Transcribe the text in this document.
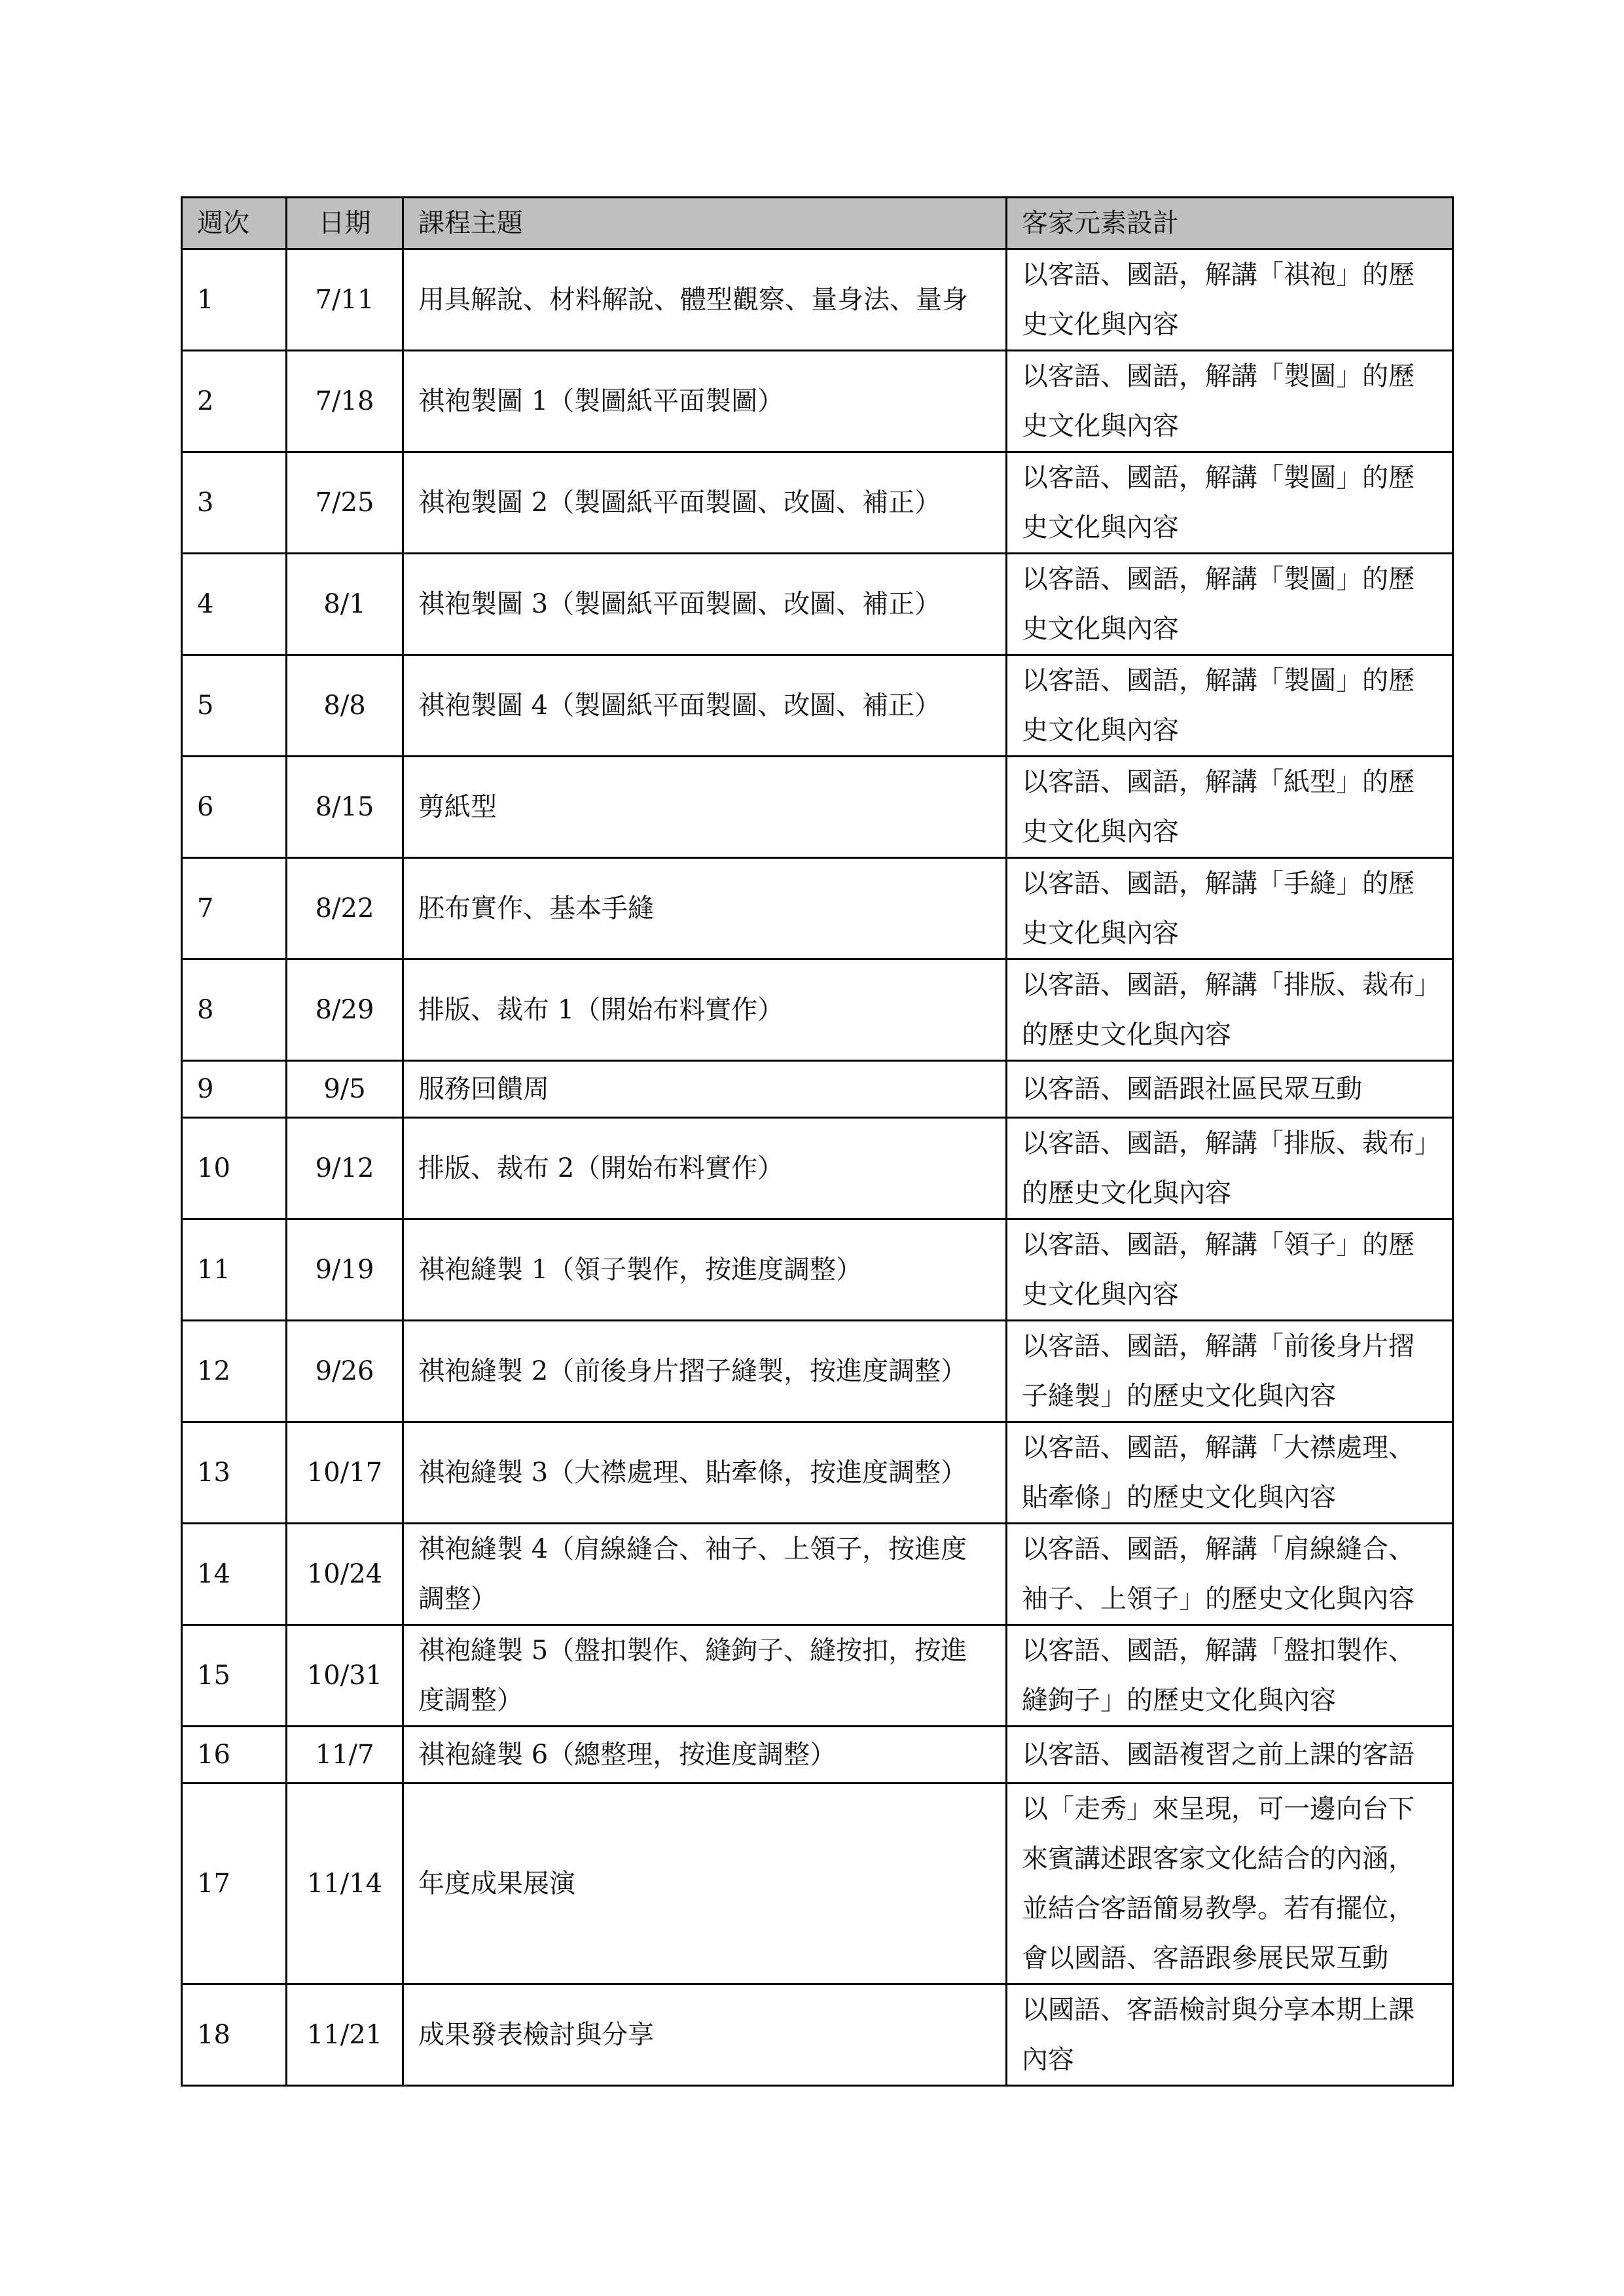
週次	日期	課程主題	客家元素設計
1	7/11	用具解說、材料解說、體型觀察、量身法、量身	以客語、國語，解講「祺袍」的歷史文化與內容
2	7/18	祺袍製圖 1（製圖紙平面製圖）	以客語、國語，解講「製圖」的歷史文化與內容
3	7/25	祺袍製圖 2（製圖紙平面製圖、改圖、補正）	以客語、國語，解講「製圖」的歷史文化與內容
4	8/1	祺袍製圖 3（製圖紙平面製圖、改圖、補正）	以客語、國語，解講「製圖」的歷史文化與內容
5	8/8	祺袍製圖 4（製圖紙平面製圖、改圖、補正）	以客語、國語，解講「製圖」的歷史文化與內容
6	8/15	剪紙型	以客語、國語，解講「紙型」的歷史文化與內容
7	8/22	胚布實作、基本手縫	以客語、國語，解講「手縫」的歷史文化與內容
8	8/29	排版、裁布 1（開始布料實作）	以客語、國語，解講「排版、裁布」的歷史文化與內容
9	9/5	服務回饋周	以客語、國語跟社區民眾互動
10	9/12	排版、裁布 2（開始布料實作）	以客語、國語，解講「排版、裁布」的歷史文化與內容
11	9/19	祺袍縫製 1（領子製作，按進度調整）	以客語、國語，解講「領子」的歷史文化與內容
12	9/26	祺袍縫製 2（前後身片摺子縫製，按進度調整）	以客語、國語，解講「前後身片摺子縫製」的歷史文化與內容
13	10/17	祺袍縫製 3（大襟處理、貼牽條，按進度調整）	以客語、國語，解講「大襟處理、貼牽條」的歷史文化與內容
14	10/24	祺袍縫製 4（肩線縫合、袖子、上領子，按進度調整）	以客語、國語，解講「肩線縫合、袖子、上領子」的歷史文化與內容
15	10/31	祺袍縫製 5（盤扣製作、縫鉤子、縫按扣，按進度調整）	以客語、國語，解講「盤扣製作、縫鉤子」的歷史文化與內容
16	11/7	祺袍縫製 6（總整理，按進度調整）	以客語、國語複習之前上課的客語
17	11/14	年度成果展演	以「走秀」來呈現，可一邊向台下來賓講述跟客家文化結合的內涵，並結合客語簡易教學。若有擺位，會以國語、客語跟參展民眾互動
18	11/21	成果發表檢討與分享	以國語、客語檢討與分享本期上課內容
